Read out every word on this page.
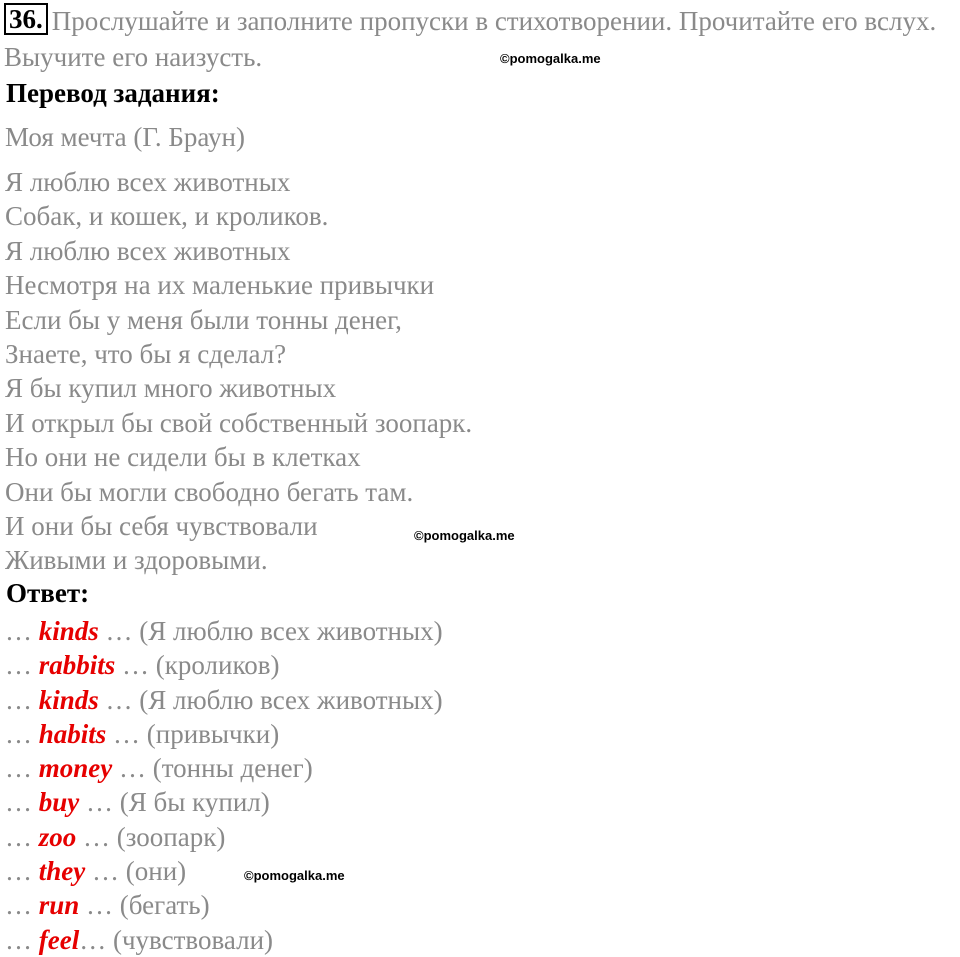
36. Прослушайте и заполните пропуски в стихотворении. Прочитайте его вслух. Выучите его наизусть.	©pomogalka.me
Перевод задания:
Моя мечта (Г. Браун)
Я люблю всех животных
Собак, и кошек, и кроликов.
Я люблю всех животных
Несмотря на их маленькие привычки
Если бы у меня были тонны денег,
Знаете, что бы я сделал?
Я бы купил много животных
И открыл бы свой собственный зоопарк.
Но они не сидели бы в клетках
Они бы могли свободно бегать там.
И они бы себя чувствовали
Живыми и здоровыми.
©pomogalka.me
Ответ:
… kinds … (Я люблю всех животных)
… rabbits … (кроликов)
… kinds … (Я люблю всех животных)
… habits … (привычки)
… money … (тонны денег)
… buy … (Я бы купил)
… zoo … (зоопарк)
… they … (они)
… run … (бегать)
… feel… (чувствовали)
©pomogalka.me
